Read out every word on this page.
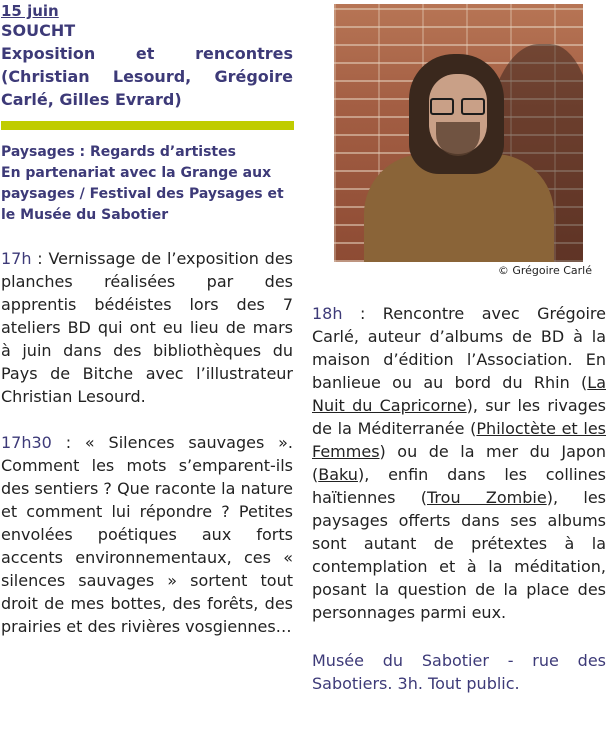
15 juin
SOUCHT
Exposition et rencontres (Christian Lesourd, Grégoire Carlé, Gilles Evrard)
Paysages : Regards d’artistes
En partenariat avec la Grange aux paysages / Festival des Paysages et le Musée du Sabotier

17h : Vernissage de l’exposition des planches réalisées par des apprentis bédéistes lors des 7 ateliers BD qui ont eu lieu de mars à juin dans des bibliothèques du Pays de Bitche avec l’illustrateur Christian Lesourd.

17h30 : « Silences sauvages ». Comment les mots s’emparent-ils des sentiers ? Que raconte la nature et comment lui répondre ? Petites envolées poétiques aux forts accents environnementaux, ces « silences sauvages » sortent tout droit de mes bottes, des forêts, des prairies et des rivières vosgiennes…

© Grégoire Carlé

18h : Rencontre avec Grégoire Carlé, auteur d’albums de BD à la maison d’édition l’Association. En banlieue ou au bord du Rhin (La Nuit du Capricorne), sur les rivages de la Méditerranée (Philoctète et les Femmes) ou de la mer du Japon (Baku), enfin dans les collines haïtiennes (Trou Zombie), les paysages offerts dans ses albums sont autant de prétextes à la contemplation et à la méditation, posant la question de la place des personnages parmi eux.

Musée du Sabotier - rue des Sabotiers. 3h. Tout public.
